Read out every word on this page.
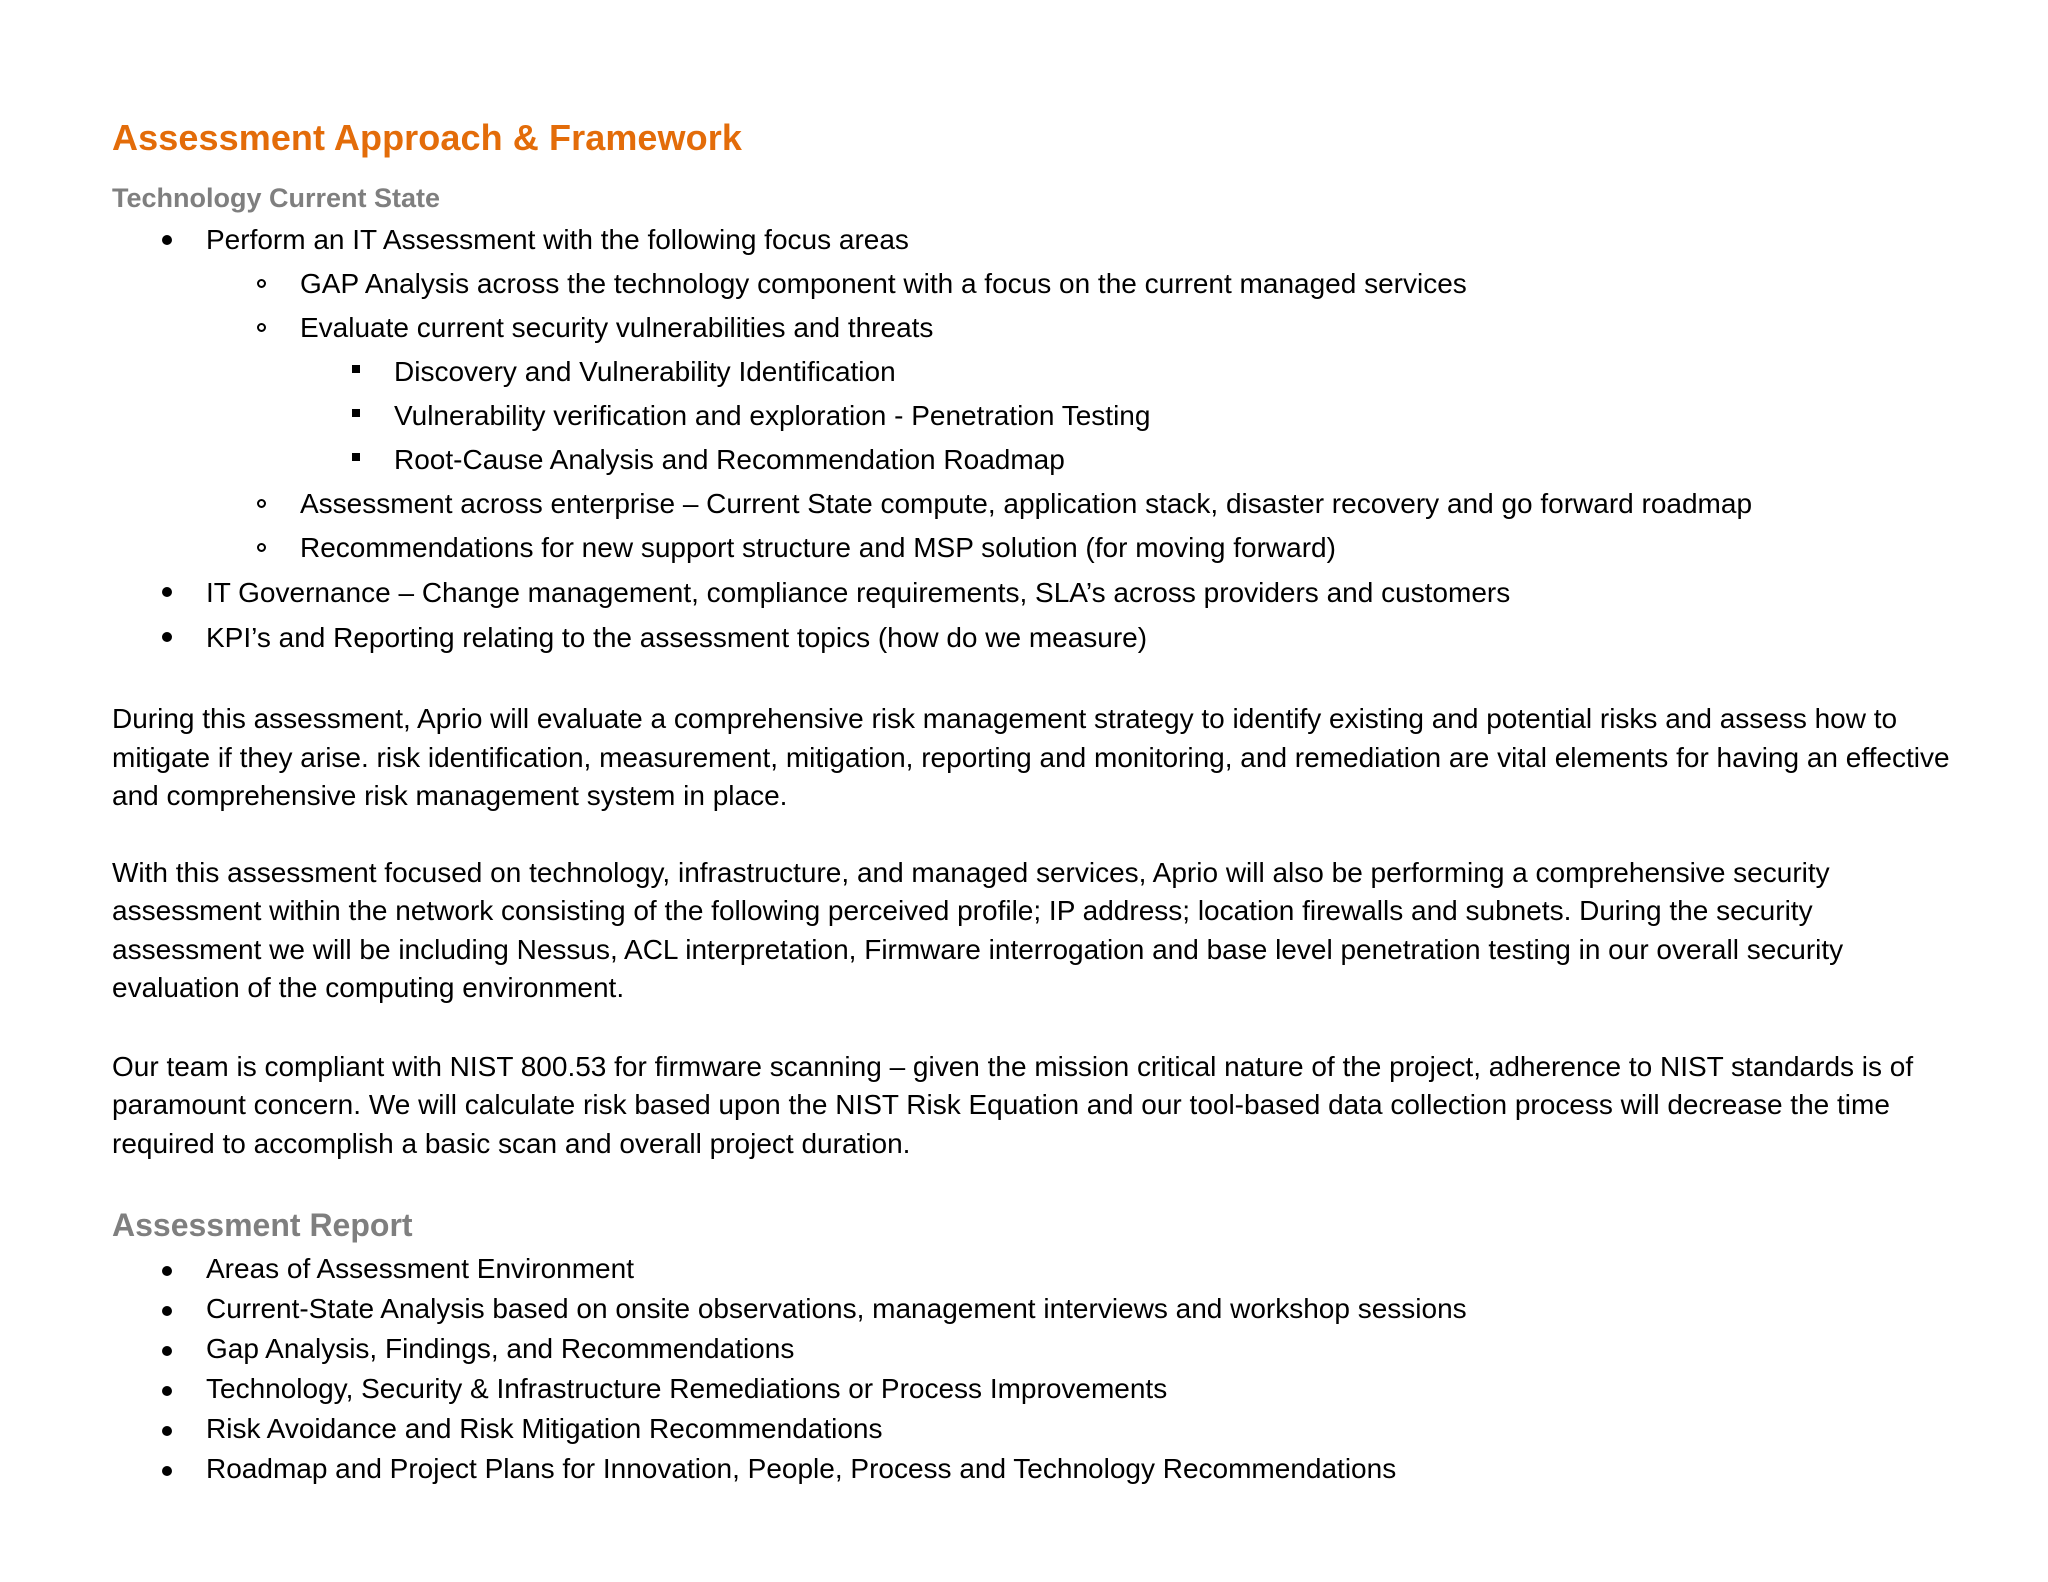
Assessment Approach & Framework
Technology Current State
Perform an IT Assessment with the following focus areas
GAP Analysis across the technology component with a focus on the current managed services
Evaluate current security vulnerabilities and threats
Discovery and Vulnerability Identification
Vulnerability verification and exploration - Penetration Testing
Root-Cause Analysis and Recommendation Roadmap
Assessment across enterprise – Current State compute, application stack, disaster recovery and go forward roadmap
Recommendations for new support structure and MSP solution (for moving forward)
IT Governance – Change management, compliance requirements, SLA’s across providers and customers
KPI’s and Reporting relating to the assessment topics (how do we measure)

During this assessment, Aprio will evaluate a comprehensive risk management strategy to identify existing and potential risks and assess how to mitigate if they arise. risk identification, measurement, mitigation, reporting and monitoring, and remediation are vital elements for having an effective and comprehensive risk management system in place.

With this assessment focused on technology, infrastructure, and managed services, Aprio will also be performing a comprehensive security assessment within the network consisting of the following perceived profile; IP address; location firewalls and subnets. During the security assessment we will be including Nessus, ACL interpretation, Firmware interrogation and base level penetration testing in our overall security evaluation of the computing environment.

Our team is compliant with NIST 800.53 for firmware scanning – given the mission critical nature of the project, adherence to NIST standards is of paramount concern. We will calculate risk based upon the NIST Risk Equation and our tool-based data collection process will decrease the time required to accomplish a basic scan and overall project duration.

Assessment Report
Areas of Assessment Environment
Current-State Analysis based on onsite observations, management interviews and workshop sessions
Gap Analysis, Findings, and Recommendations
Technology, Security & Infrastructure Remediations or Process Improvements
Risk Avoidance and Risk Mitigation Recommendations
Roadmap and Project Plans for Innovation, People, Process and Technology Recommendations
